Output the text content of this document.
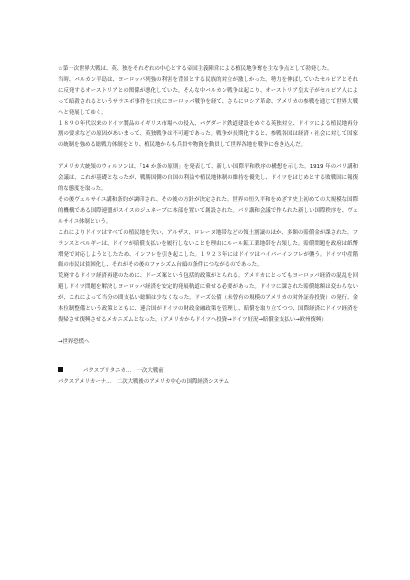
☆第一次世界大戦は、英、独をそれぞれの中心とする帝国主義陣営による植民地争奪を主な争点として勃発した。
当時、バルカン半島は、ヨーロッパ列強の利害を背景とする民族的対立が激しかった。勢力を伸ばしていたセルビアとそれに反発するオーストリアとの関係が悪化していた。そんな中バルカン戦争は起こり、オーストリア皇太子がセルビア人によって暗殺されるというサラエボ事件を口火にヨーロッパ戦争を経て、さらにロシア革命、アメリカの参戦を通じて世界大戦へと発展してゆく。
１８９０年代以来のドイツ製品のイギリス市場への侵入、バグダード鉄道建設をめぐる英独対立、ドイツによる植民地再分割の要求などの原因があいまって、英独戦争は不可避であった。戦争が長期化すると、参戦各国は経済・社会に対して国家の統制を強める総戦力体制をとり、植民地からも兵員や物資を動員して世界各地を戦争に巻き込んだ。

アメリカ大統領のウィルソンは、「14 か条の原則」を発表して、新しい国際平和秩序の構想を示した。1919 年のパリ講和会議は、これが基礎となったが、戦勝国側の自国の利益や植民地体制の維持を優先し、ドイツをはじめとする敗戦国に報復的な態度を取った。
その後ヴェルサイユ講和条約が調印され、その後の方針が決定された。世界の恒久平和をめざす史上初めての大規模な国際的機構である国際連盟がスイスのジュネーブに本部を置いて創設された。パリ講和会議で作られた新しい国際秩序を、ヴェルサイユ体制という。
これによりドイツはすべての植民地を失い、アルザス、ロレーヌ地帯などの領土割譲のほか、多額の賠償金が課された。フランスとベルギーは、ドイツが賠償支払いを履行しないことを理由にルール鉱工業地帯を占領した。賠償問題を政府は紙幣増発で対応しようとしたため、インフレを引き起こした。１９２３年にはドイツはハイパーインフレが襲う。ドイツ中産階級の市民は貧困化し、それがその後のファシズム台頭の条件につながるのであった。
荒廃するドイツ経済再建のために、ドーズ案という包括的政策がとられる。アメリカにとってもヨーロッパ経済の混乱を回避しドイツ問題を解決しヨーロッパ経済を安定的発展軌道に乗せる必要があった。ドイツに課された賠償総額は変わらないが、これによって当分の間支払い総額は少なくなった。ドーズ公債（未曾有の規模のアメリカの対外証券投資）の発行、金本位制整備という政策とともに、連合国がドイツの財政金融政策を管理し、賠償を取り立てつつ、国際経済にドイツ経済を復帰させ復興させるメカニズムとなった。（アメリカからドイツへ投資→ドイツ好況→賠償金支払い→欧州復興）

→世界恐慌へ

パクスブリタニカ…　一次大戦前

パクスアメリカーナ…　二次大戦後のアメリカ中心の国際経済システム
